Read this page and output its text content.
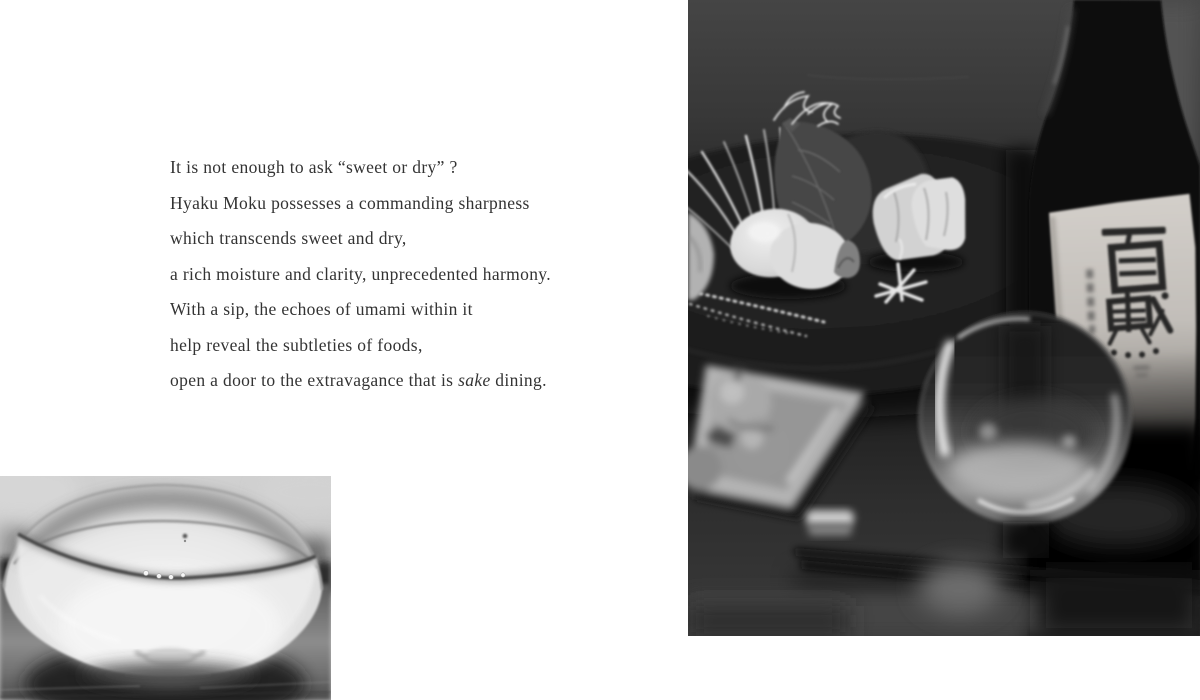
It is not enough to ask “sweet or dry” ?
Hyaku Moku possesses a commanding sharpness
which transcends sweet and dry,
a rich moisture and clarity, unprecedented harmony.
With a sip, the echoes of umami within it
help reveal the subtleties of foods,
open a door to the extravagance that is sake dining.
